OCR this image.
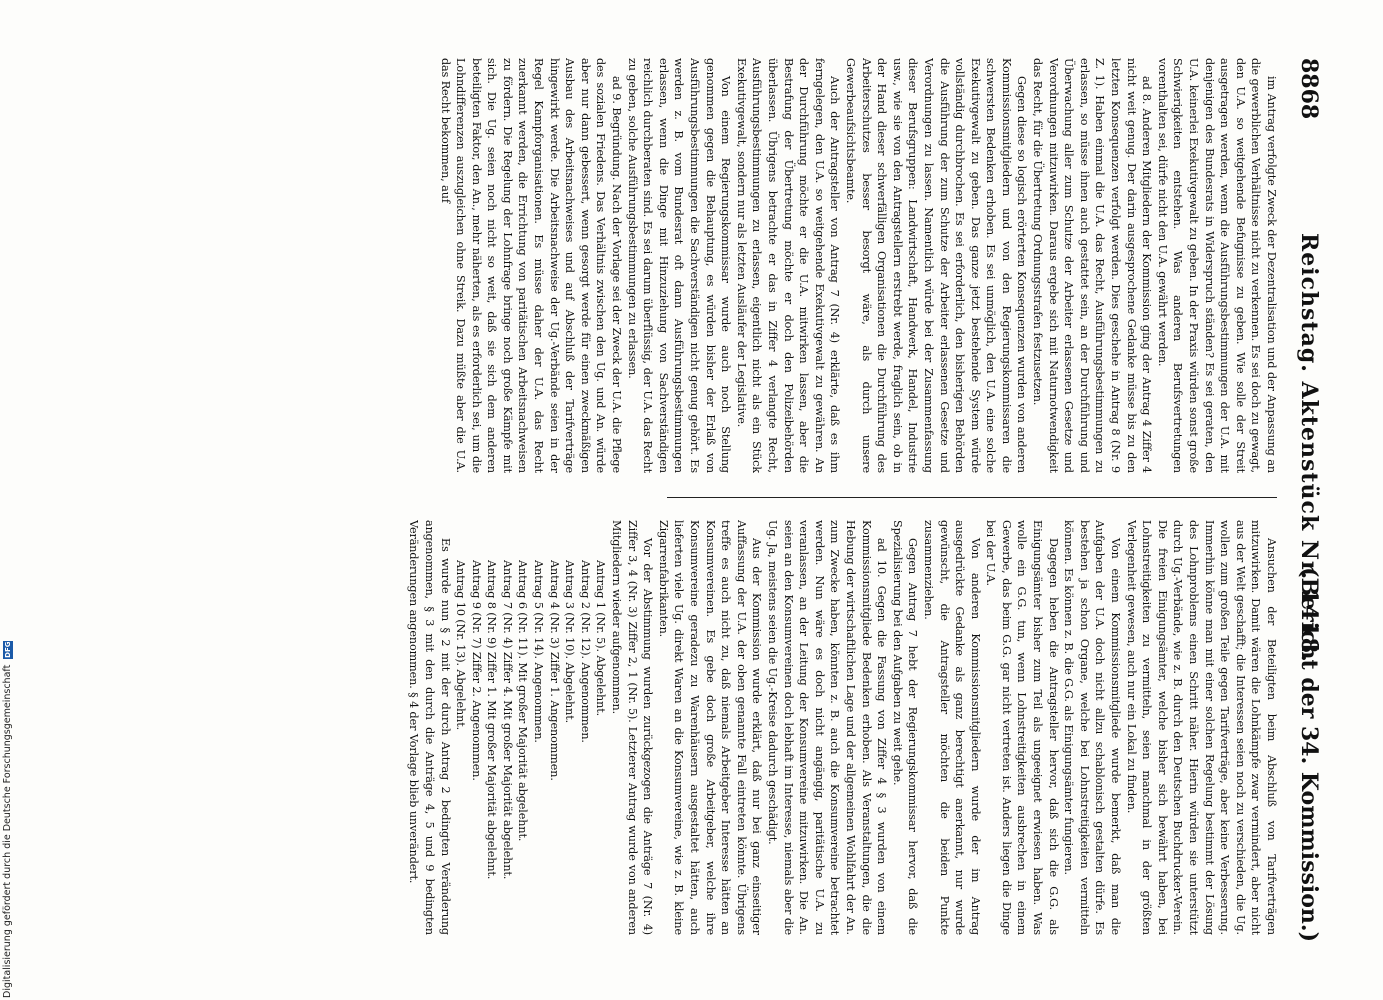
8868
Reichstag. Aktenstück Nr. 1418.
(Bericht der 34. Kommission.)

im Antrag verfolgte Zweck der Dezentralisation und der Anpassung an die gewerblichen Verhältnisse nicht zu verkennen. Es sei doch zu gewagt, den U.A. so weitgehende Befugnisse zu geben. Wie solle der Streit ausgetragen werden, wenn die Ausführungsbestimmungen der U.A. mit denjenigen des Bundesrats in Widerspruch ständen? Es sei geraten, den U.A. keinerlei Exekutivgewalt zu geben. In der Praxis würden sonst große Schwierigkeiten entstehen. Was anderen Berufsvertretungen vorenthalten sei, dürfe nicht den U.A. gewährt werden.

ad 8. Anderen Mitgliedern der Kommission ging der Antrag 4 Ziffer 4 nicht weit genug. Der darin ausgesprochene Gedanke müsse bis zu den letzten Konsequenzen verfolgt werden. Dies geschehe in Antrag 8 (Nr. 9 Z. 1). Haben einmal die U.A. das Recht, Ausführungsbestimmungen zu erlassen, so müsse ihnen auch gestattet sein, an der Durchführung und Überwachung aller zum Schutze der Arbeiter erlassenen Gesetze und Verordnungen mitzuwirken. Daraus ergebe sich mit Naturnotwendigkeit das Recht, für die Übertretung Ordnungsstrafen festzusetzen.

Gegen diese so logisch erörterten Konsequenzen wurden von anderen Kommissionsmitgliedern und von den Regierungskommissaren die schwersten Bedenken erhoben. Es sei unmöglich, den U.A. eine solche Exekutivgewalt zu geben. Das ganze jetzt bestehende System würde vollständig durchbrochen. Es sei erforderlich, den bisherigen Behörden die Ausführung der zum Schutze der Arbeiter erlassenen Gesetze und Verordnungen zu lassen. Namentlich würde bei der Zusammenfassung dieser Berufsgruppen: Landwirtschaft, Handwerk, Handel, Industrie usw., wie sie von den Antragstellern erstrebt werde, fraglich sein, ob in der Hand dieser schwerfälligen Organisationen die Durchführung des Arbeiterschutzes besser besorgt wäre, als durch unsere Gewerbeaufsichtsbeamte.

Auch der Antragsteller von Antrag 7 (Nr. 4) erklärte, daß es ihm ferngelegen, den U.A. so weitgehende Exekutivgewalt zu gewähren. An der Durchführung möchte er die U.A. mitwirken lassen, aber die Bestrafung der Übertretung möchte er doch den Polizeibehörden überlassen. Übrigens betrachte er das in Ziffer 4 verlangte Recht, Ausführungsbestimmungen zu erlassen, eigentlich nicht als ein Stück Exekutivgewalt, sondern nur als letzten Ausläufer der Legislative.

Von einem Regierungskommissar wurde auch noch Stellung genommen gegen die Behauptung, es würden bisher der Erlaß von Ausführungsbestimmungen die Sachverständigen nicht genug gehört. Es werden z. B. vom Bundesrat oft dann Ausführungsbestimmungen erlassen, wenn die Dinge mit Hinzuziehung von Sachverständigen reichlich durchberaten sind. Es sei darum überflüssig, der U.A. das Recht zu geben, solche Ausführungsbestimmungen zu erlassen.

ad 9. Begründung. Nach der Vorlage sei der Zweck der U.A. die Pflege des sozialen Friedens. Das Verhältnis zwischen den Ug. und An. würde aber nur dann gebessert, wenn gesorgt werde für einen zweckmäßigen Ausbau des Arbeitsnachweises und auf Abschluß der Tarifverträge hingewirkt werde. Die Arbeitsnachweise der Ug.-Verbände seien in der Regel Kampforganisationen. Es müsse daher der U.A. das Recht zuerkannt werden, die Errichtung von paritätischen Arbeitsnachweisen zu fördern. Die Regelung der Lohnfrage bringe noch große Kämpfe mit sich. Die Ug. seien noch nicht so weit, daß sie sich dem anderen beteiligten Faktor, den An., mehr näherten, als es erforderlich sei, um die Lohndifferenzen auszugleichen ohne Streik. Dazu müßte aber die U.A. das Recht bekommen, auf

Ansuchen der Beteiligten beim Abschluß von Tarifverträgen mitzuwirken. Damit wären die Lohnkämpfe zwar vermindert, aber nicht aus der Welt geschafft; die Interessen seien noch zu verschieden, die Ug. wollen zum großen Teile gegen Tarifverträge, aber keine Verbesserung. Immerhin könne man mit einer solchen Regelung bestimmt der Lösung des Lohnproblems einen Schritt näher. Hierin würden sie unterstützt durch Ug.-Verbände, wie z. B. durch den Deutschen Buchdrucker-Verein. Die freien Einigungsämter, welche bisher sich bewährt haben, bei Lohnstreitigkeiten zu vermitteln, seien manchmal in der größten Verlegenheit gewesen, auch nur ein Lokal zu finden.

Von einem Kommissionsmitgliede wurde bemerkt, daß man die Aufgaben der U.A. doch nicht allzu schablonisch gestalten dürfe. Es bestehen ja schon Organe, welche bei Lohnstreitigkeiten vermitteln können. Es können z. B. die G.G. als Einigungsämter fungieren.

Dagegen heben die Antragsteller hervor, daß sich die G.G. als Einigungsämter bisher zum Teil als ungeeignet erwiesen haben. Was wolle ein G.G. tun, wenn Lohnstreitigkeiten ausbrechen in einem Gewerbe, das beim G.G. gar nicht vertreten ist. Anders liegen die Dinge bei der U.A.

Von anderen Kommissionsmitgliedern wurde der im Antrag ausgedrückte Gedanke als ganz berechtigt anerkannt, nur wurde gewünscht, die Antragsteller möchten die beiden Punkte zusammenziehen.

Gegen Antrag 7 hebt der Regierungskommissar hervor, daß die Spezialisierung bei den Aufgaben zu weit gehe.

ad 10. Gegen die Fassung von Ziffer 4 § 3 wurden von einem Kommissionsmitgliede Bedenken erhoben. Als Veranstaltungen, die die Hebung der wirtschaftlichen Lage und der allgemeinen Wohlfahrt der An. zum Zwecke haben, könnten z. B. auch die Konsumvereine betrachtet werden. Nun wäre es doch nicht angängig, paritätische U.A. zu veranlassen, an der Leitung der Konsumvereine mitzuwirken. Die An. seien an den Konsumvereinen doch lebhaft im Interesse, niemals aber die Ug. Ja, meistens seien die Ug.-Kreise dadurch geschädigt.

Aus der Kommission wurde erklärt, daß nur bei ganz einseitiger Auffassung der U.A. der oben genannte Fall eintreten könnte. Übrigens treffe es auch nicht zu, daß niemals Arbeitgeber Interesse hätten an Konsumvereinen. Es gebe doch große Arbeitgeber, welche ihre Konsumvereine geradezu zu Warenhäusern ausgestaltet hätten, auch lieferten viele Ug. direkt Waren an die Konsumvereine, wie z. B. kleine Zigarrenfabrikanten.

Vor der Abstimmung wurden zurückgezogen die Anträge 7 (Nr. 4) Ziffer 3, 4 (Nr. 3) Ziffer 2, 1 (Nr. 5). Letzterer Antrag wurde von anderen Mitgliedern wieder aufgenommen.

Antrag 1 (Nr. 5). Abgelehnt.

Antrag 2 (Nr. 12). Angenommen.

Antrag 3 (Nr. 10). Abgelehnt.

Antrag 4 (Nr. 3) Ziffer 1. Angenommen.

Antrag 5 (Nr. 14). Angenommen.

Antrag 6 (Nr. 11). Mit großer Majorität abgelehnt.

Antrag 7 (Nr. 4) Ziffer 4. Mit großer Majorität abgelehnt.

Antrag 8 (Nr. 9) Ziffer 1. Mit großer Majorität abgelehnt.

Antrag 9 (Nr. 7) Ziffer 2. Angenommen.

Antrag 10 (Nr. 13). Abgelehnt.

Es wurde nun § 2 mit der durch Antrag 2 bedingten Veränderung angenommen, § 3 mit den durch die Anträge 4, 5 und 9 bedingten Veränderungen angenommen. § 4 der Vorlage blieb unverändert.

Digitalisierung gefördert durch die Deutsche Forschungsgemeinschaft
DFG
